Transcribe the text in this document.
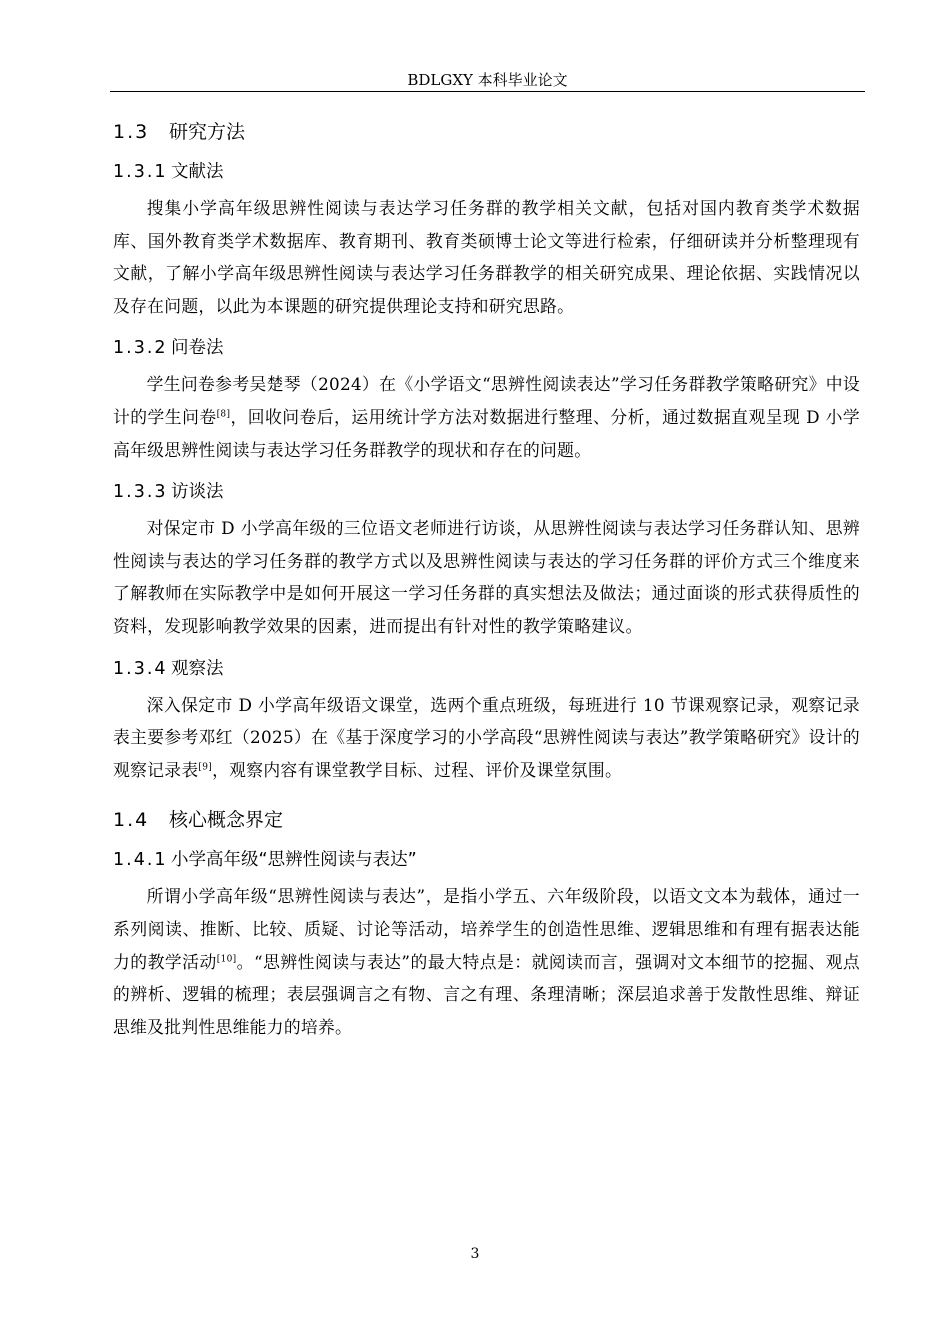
BDLGXY 本科毕业论文
1.3 研究方法
1.3.1 文献法

搜集小学高年级思辨性阅读与表达学习任务群的教学相关文献，包括对国内教育类学术数据库、国外教育类学术数据库、教育期刊、教育类硕博士论文等进行检索，仔细研读并分析整理现有文献，了解小学高年级思辨性阅读与表达学习任务群教学的相关研究成果、理论依据、实践情况以及存在问题，以此为本课题的研究提供理论支持和研究思路。

1.3.2 问卷法

学生问卷参考吴楚琴（2024）在《小学语文“思辨性阅读表达”学习任务群教学策略研究》中设计的学生问卷[8]，回收问卷后，运用统计学方法对数据进行整理、分析，通过数据直观呈现 D 小学高年级思辨性阅读与表达学习任务群教学的现状和存在的问题。

1.3.3 访谈法

对保定市 D 小学高年级的三位语文老师进行访谈，从思辨性阅读与表达学习任务群认知、思辨性阅读与表达的学习任务群的教学方式以及思辨性阅读与表达的学习任务群的评价方式三个维度来了解教师在实际教学中是如何开展这一学习任务群的真实想法及做法；通过面谈的形式获得质性的资料，发现影响教学效果的因素，进而提出有针对性的教学策略建议。

1.3.4 观察法

深入保定市 D 小学高年级语文课堂，选两个重点班级，每班进行 10 节课观察记录，观察记录表主要参考邓红（2025）在《基于深度学习的小学高段“思辨性阅读与表达”教学策略研究》设计的观察记录表[9]，观察内容有课堂教学目标、过程、评价及课堂氛围。

1.4 核心概念界定
1.4.1 小学高年级“思辨性阅读与表达”

所谓小学高年级“思辨性阅读与表达”，是指小学五、六年级阶段，以语文文本为载体，通过一系列阅读、推断、比较、质疑、讨论等活动，培养学生的创造性思维、逻辑思维和有理有据表达能力的教学活动[10]。“思辨性阅读与表达”的最大特点是：就阅读而言，强调对文本细节的挖掘、观点的辨析、逻辑的梳理；表层强调言之有物、言之有理、条理清晰；深层追求善于发散性思维、辩证思维及批判性思维能力的培养。

3
